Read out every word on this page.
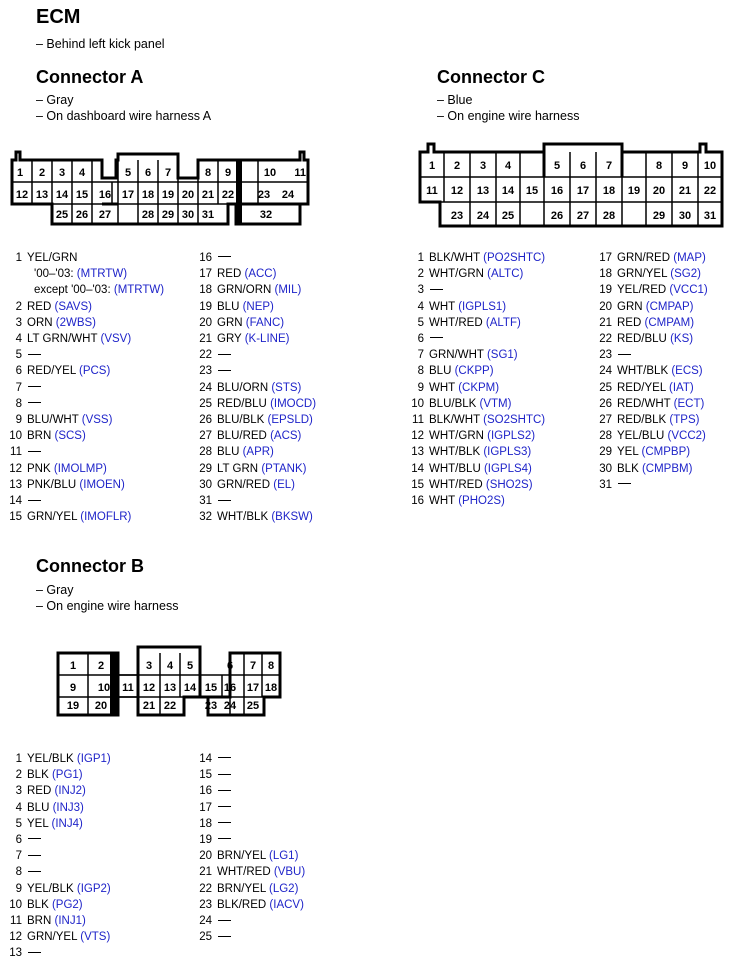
ECM
– Behind left kick panel
Connector A
– Gray
– On dashboard wire harness A
Connector C
– Blue
– On engine wire harness
Connector B
– Gray
– On engine wire harness
1 2 3 4	5 6 7	8 9	10 11
12 13 14 15 16 17 18 19 20 21 22 23 24
25 26 27	28 29 30 31	32
1 2 3 4	5 6 7	8 9 10
11 12 13 14 15 16 17 18 19 20 21 22
23 24 25	26 27 28	29 30 31
1 2	3 4 5	6 7 8
9 10 11 12 13 14 15 16 17 18
19 20	21 22	23 24 25
1 YEL/GRN
'00–'03: (MTRTW)
except '00–'03: (MTRTW)
2 RED (SAVS)
3 ORN (2WBS)
4 LT GRN/WHT (VSV)
5
6 RED/YEL (PCS)
7
8
9 BLU/WHT (VSS)
10 BRN (SCS)
11
12 PNK (IMOLMP)
13 PNK/BLU (IMOEN)
14
15 GRN/YEL (IMOFLR)
16
17 RED (ACC)
18 GRN/ORN (MIL)
19 BLU (NEP)
20 GRN (FANC)
21 GRY (K-LINE)
22
23
24 BLU/ORN (STS)
25 RED/BLU (IMOCD)
26 BLU/BLK (EPSLD)
27 BLU/RED (ACS)
28 BLU (APR)
29 LT GRN (PTANK)
30 GRN/RED (EL)
31
32 WHT/BLK (BKSW)
1 BLK/WHT (PO2SHTC)
2 WHT/GRN (ALTC)
3
4 WHT (IGPLS1)
5 WHT/RED (ALTF)
6
7 GRN/WHT (SG1)
8 BLU (CKPP)
9 WHT (CKPM)
10 BLU/BLK (VTM)
11 BLK/WHT (SO2SHTC)
12 WHT/GRN (IGPLS2)
13 WHT/BLK (IGPLS3)
14 WHT/BLU (IGPLS4)
15 WHT/RED (SHO2S)
16 WHT (PHO2S)
17 GRN/RED (MAP)
18 GRN/YEL (SG2)
19 YEL/RED (VCC1)
20 GRN (CMPAP)
21 RED (CMPAM)
22 RED/BLU (KS)
23
24 WHT/BLK (ECS)
25 RED/YEL (IAT)
26 RED/WHT (ECT)
27 RED/BLK (TPS)
28 YEL/BLU (VCC2)
29 YEL (CMPBP)
30 BLK (CMPBM)
31
1 YEL/BLK (IGP1)
2 BLK (PG1)
3 RED (INJ2)
4 BLU (INJ3)
5 YEL (INJ4)
6
7
8
9 YEL/BLK (IGP2)
10 BLK (PG2)
11 BRN (INJ1)
12 GRN/YEL (VTS)
13
14
15
16
17
18
19
20 BRN/YEL (LG1)
21 WHT/RED (VBU)
22 BRN/YEL (LG2)
23 BLK/RED (IACV)
24
25
